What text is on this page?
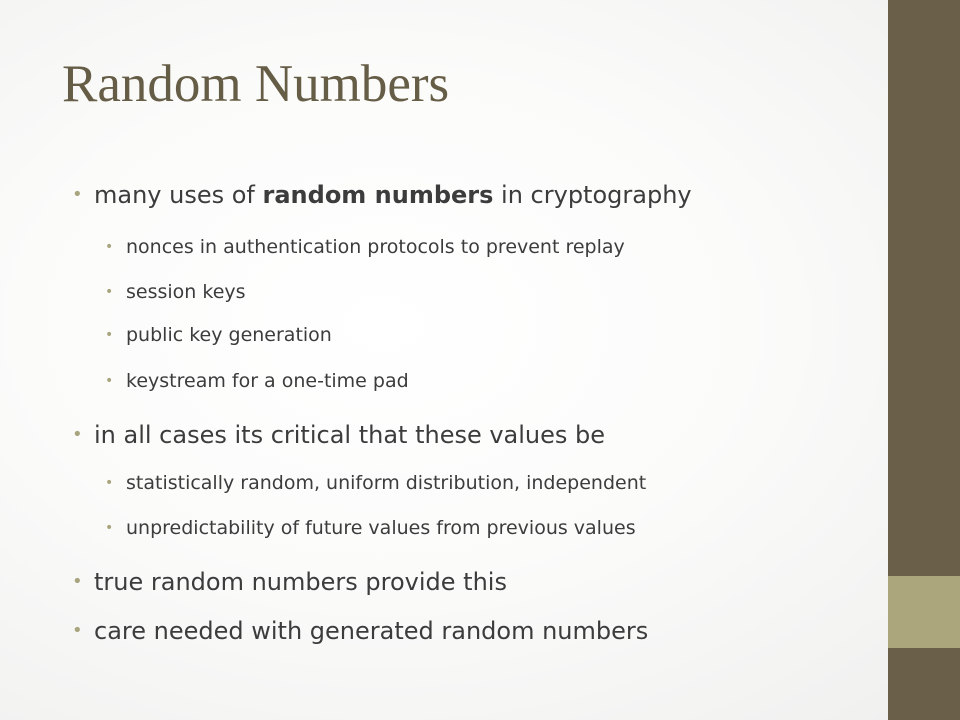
Random Numbers
• many uses of random numbers in cryptography
• nonces in authentication protocols to prevent replay
• session keys
• public key generation
• keystream for a one-time pad
• in all cases its critical that these values be
• statistically random, uniform distribution, independent
• unpredictability of future values from previous values
• true random numbers provide this
• care needed with generated random numbers
